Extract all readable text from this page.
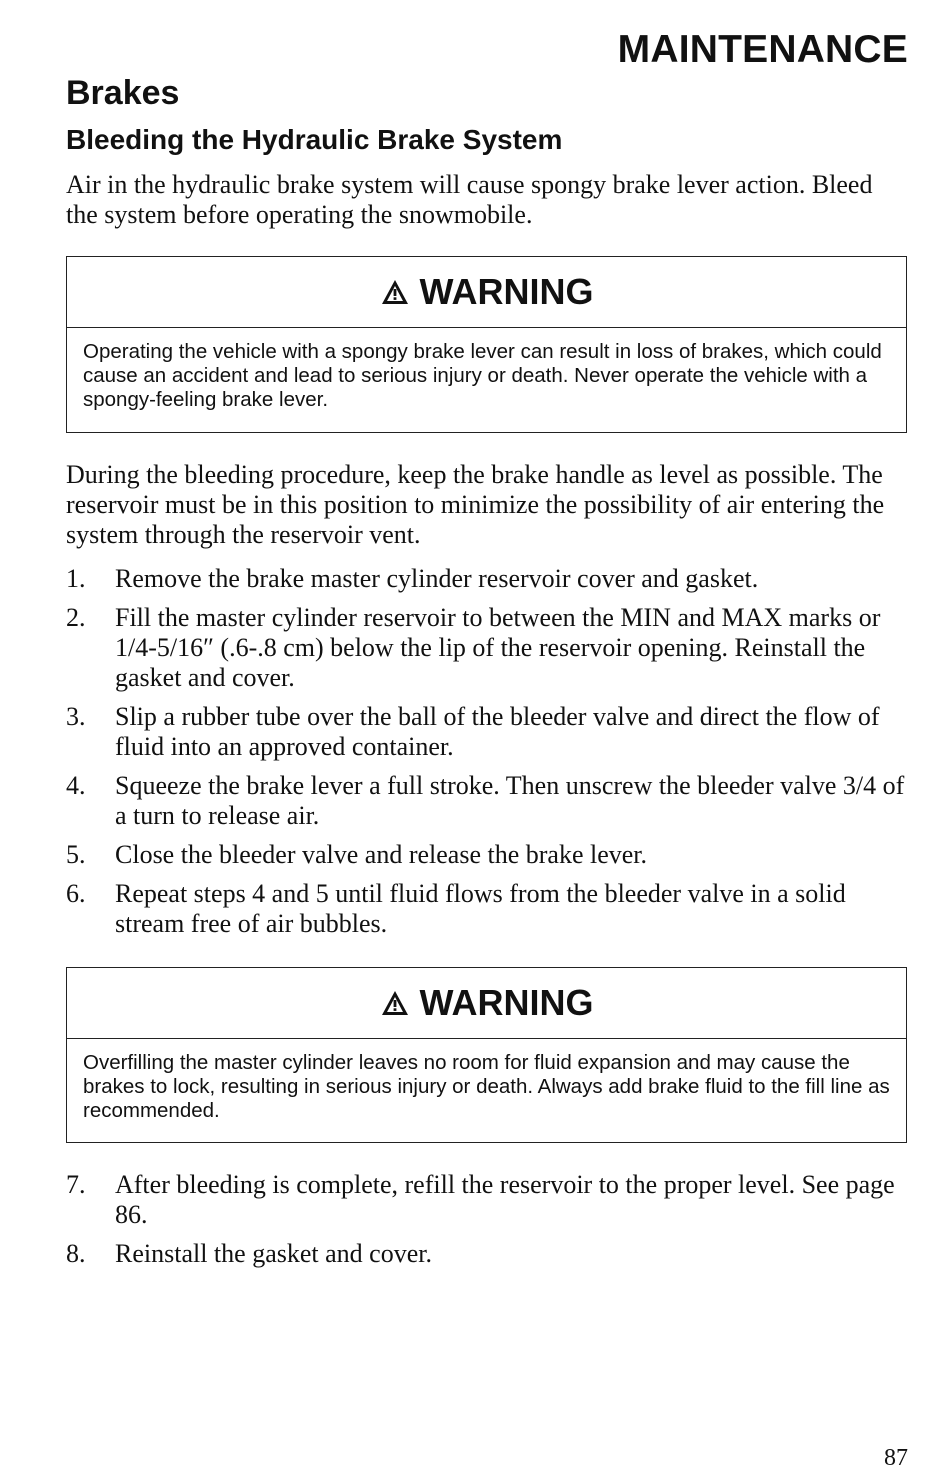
MAINTENANCE
Brakes
Bleeding the Hydraulic Brake System
Air in the hydraulic brake system will cause spongy brake lever action. Bleed the system before operating the snowmobile.
WARNING
Operating the vehicle with a spongy brake lever can result in loss of brakes, which could cause an accident and lead to serious injury or death. Never operate the vehicle with a spongy-feeling brake lever.
During the bleeding procedure, keep the brake handle as level as possible. The reservoir must be in this position to minimize the possibility of air entering the system through the reservoir vent.
1. Remove the brake master cylinder reservoir cover and gasket.
2. Fill the master cylinder reservoir to between the MIN and MAX marks or 1/4-5/16″ (.6-.8 cm) below the lip of the reservoir opening. Reinstall the gasket and cover.
3. Slip a rubber tube over the ball of the bleeder valve and direct the flow of fluid into an approved container.
4. Squeeze the brake lever a full stroke. Then unscrew the bleeder valve 3/4 of a turn to release air.
5. Close the bleeder valve and release the brake lever.
6. Repeat steps 4 and 5 until fluid flows from the bleeder valve in a solid stream free of air bubbles.
WARNING
Overfilling the master cylinder leaves no room for fluid expansion and may cause the brakes to lock, resulting in serious injury or death. Always add brake fluid to the fill line as recommended.
7. After bleeding is complete, refill the reservoir to the proper level. See page 86.
8. Reinstall the gasket and cover.
87
